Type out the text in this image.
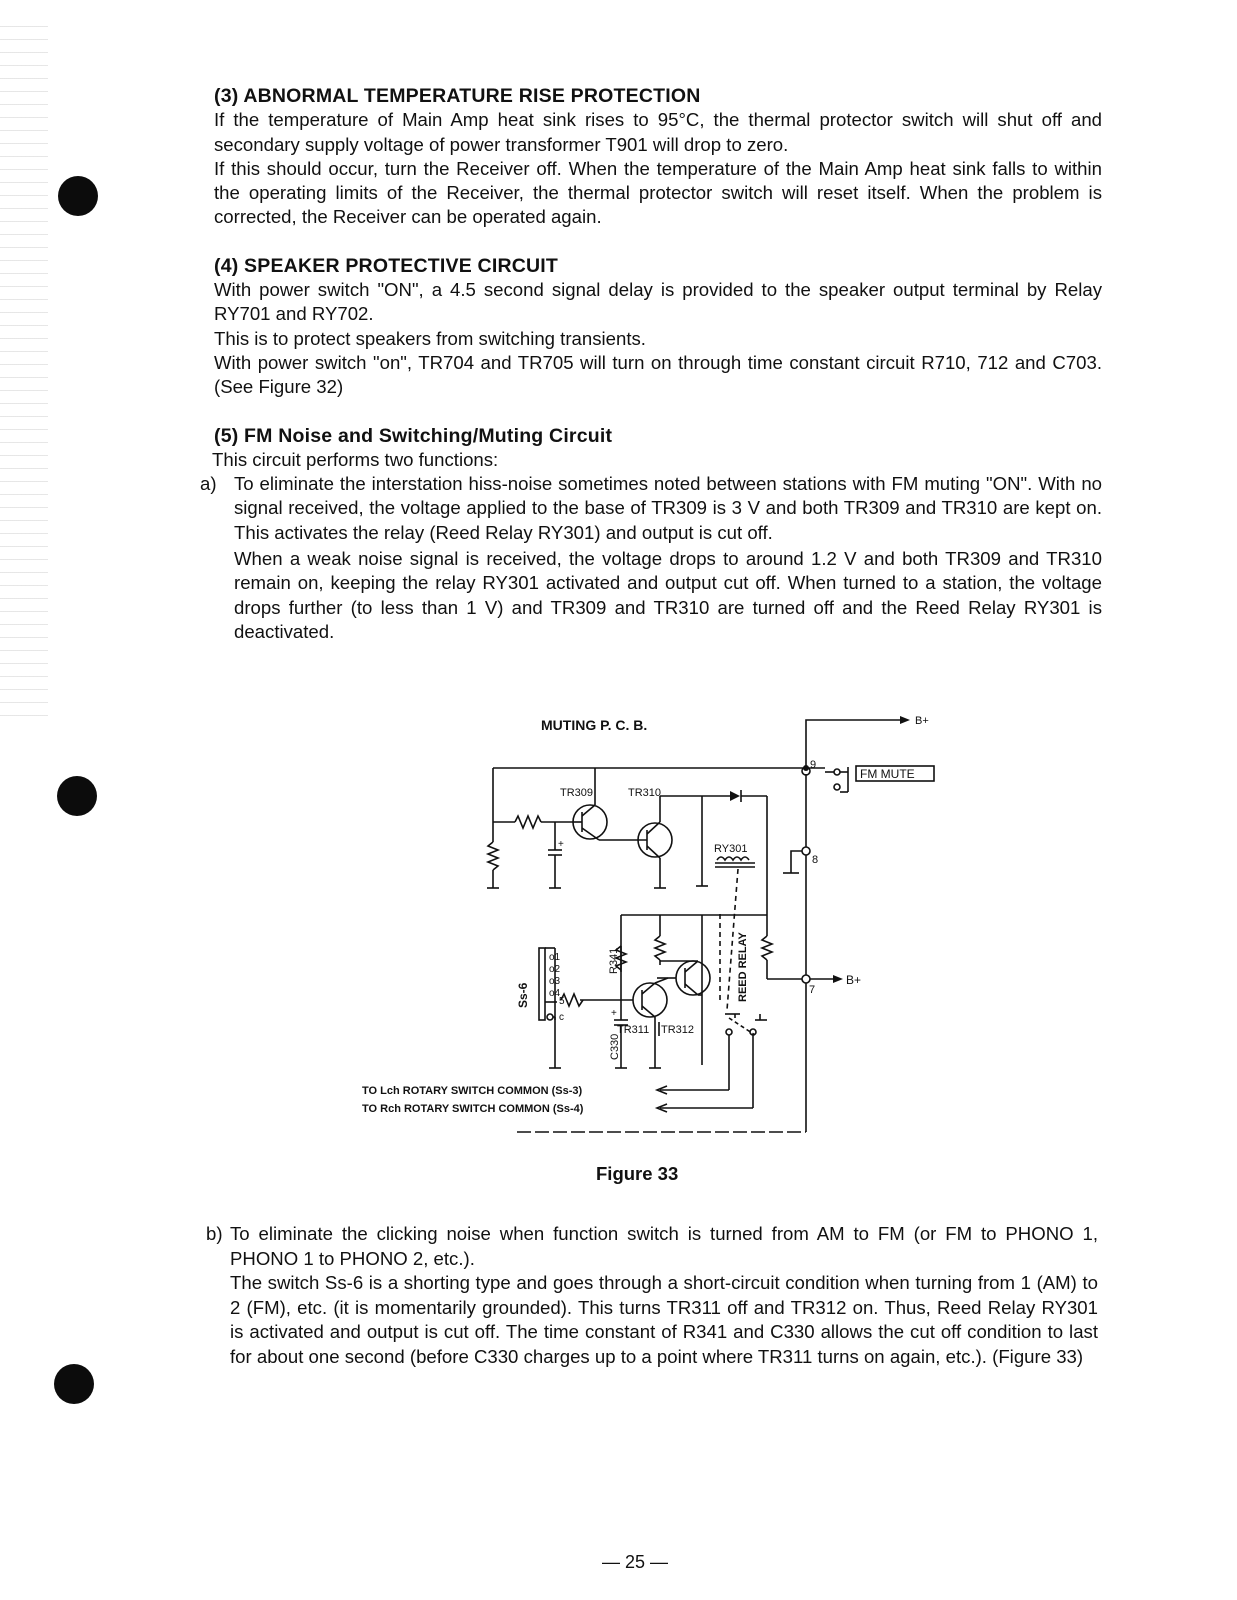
(3) ABNORMAL TEMPERATURE RISE PROTECTION

If the temperature of Main Amp heat sink rises to 95°C, the thermal protector switch will shut off and secondary supply voltage of power transformer T901 will drop to zero.

If this should occur, turn the Receiver off. When the temperature of the Main Amp heat sink falls to within the operating limits of the Receiver, the thermal protector switch will reset itself. When the problem is corrected, the Receiver can be operated again.

(4) SPEAKER PROTECTIVE CIRCUIT

With power switch "ON", a 4.5 second signal delay is provided to the speaker output terminal by Relay RY701 and RY702.

This is to protect speakers from switching transients.

With power switch "on", TR704 and TR705 will turn on through time constant circuit R710, 712 and C703. (See Figure 32)

(5) FM Noise and Switching/Muting Circuit

This circuit performs two functions:

a) To eliminate the interstation hiss-noise sometimes noted between stations with FM muting "ON". With no signal received, the voltage applied to the base of TR309 is 3 V and both TR309 and TR310 are kept on. This activates the relay (Reed Relay RY301) and output is cut off.

When a weak noise signal is received, the voltage drops to around 1.2 V and both TR309 and TR310 remain on, keeping the relay RY301 activated and output cut off. When turned to a station, the voltage drops further (to less than 1 V) and TR309 and TR310 are turned off and the Reed Relay RY301 is deactivated.

MUTING P. C. B.	B+
9
FM MUTE
8
7
B+
+
TR309	TR310
RY301
R341
TR311 TR312
+
C330
Ss-6
o1
o2
o3
o4
5
c
REED RELAY
TO Lch ROTARY SWITCH COMMON (Ss-3)
TO Rch ROTARY SWITCH COMMON (Ss-4)
Figure 33
b) To eliminate the clicking noise when function switch is turned from AM to FM (or FM to PHONO 1, PHONO 1 to PHONO 2, etc.).

The switch Ss-6 is a shorting type and goes through a short-circuit condition when turning from 1 (AM) to 2 (FM), etc. (it is momentarily grounded). This turns TR311 off and TR312 on. Thus, Reed Relay RY301 is activated and output is cut off. The time constant of R341 and C330 allows the cut off condition to last for about one second (before C330 charges up to a point where TR311 turns on again, etc.). (Figure 33)

— 25 —
